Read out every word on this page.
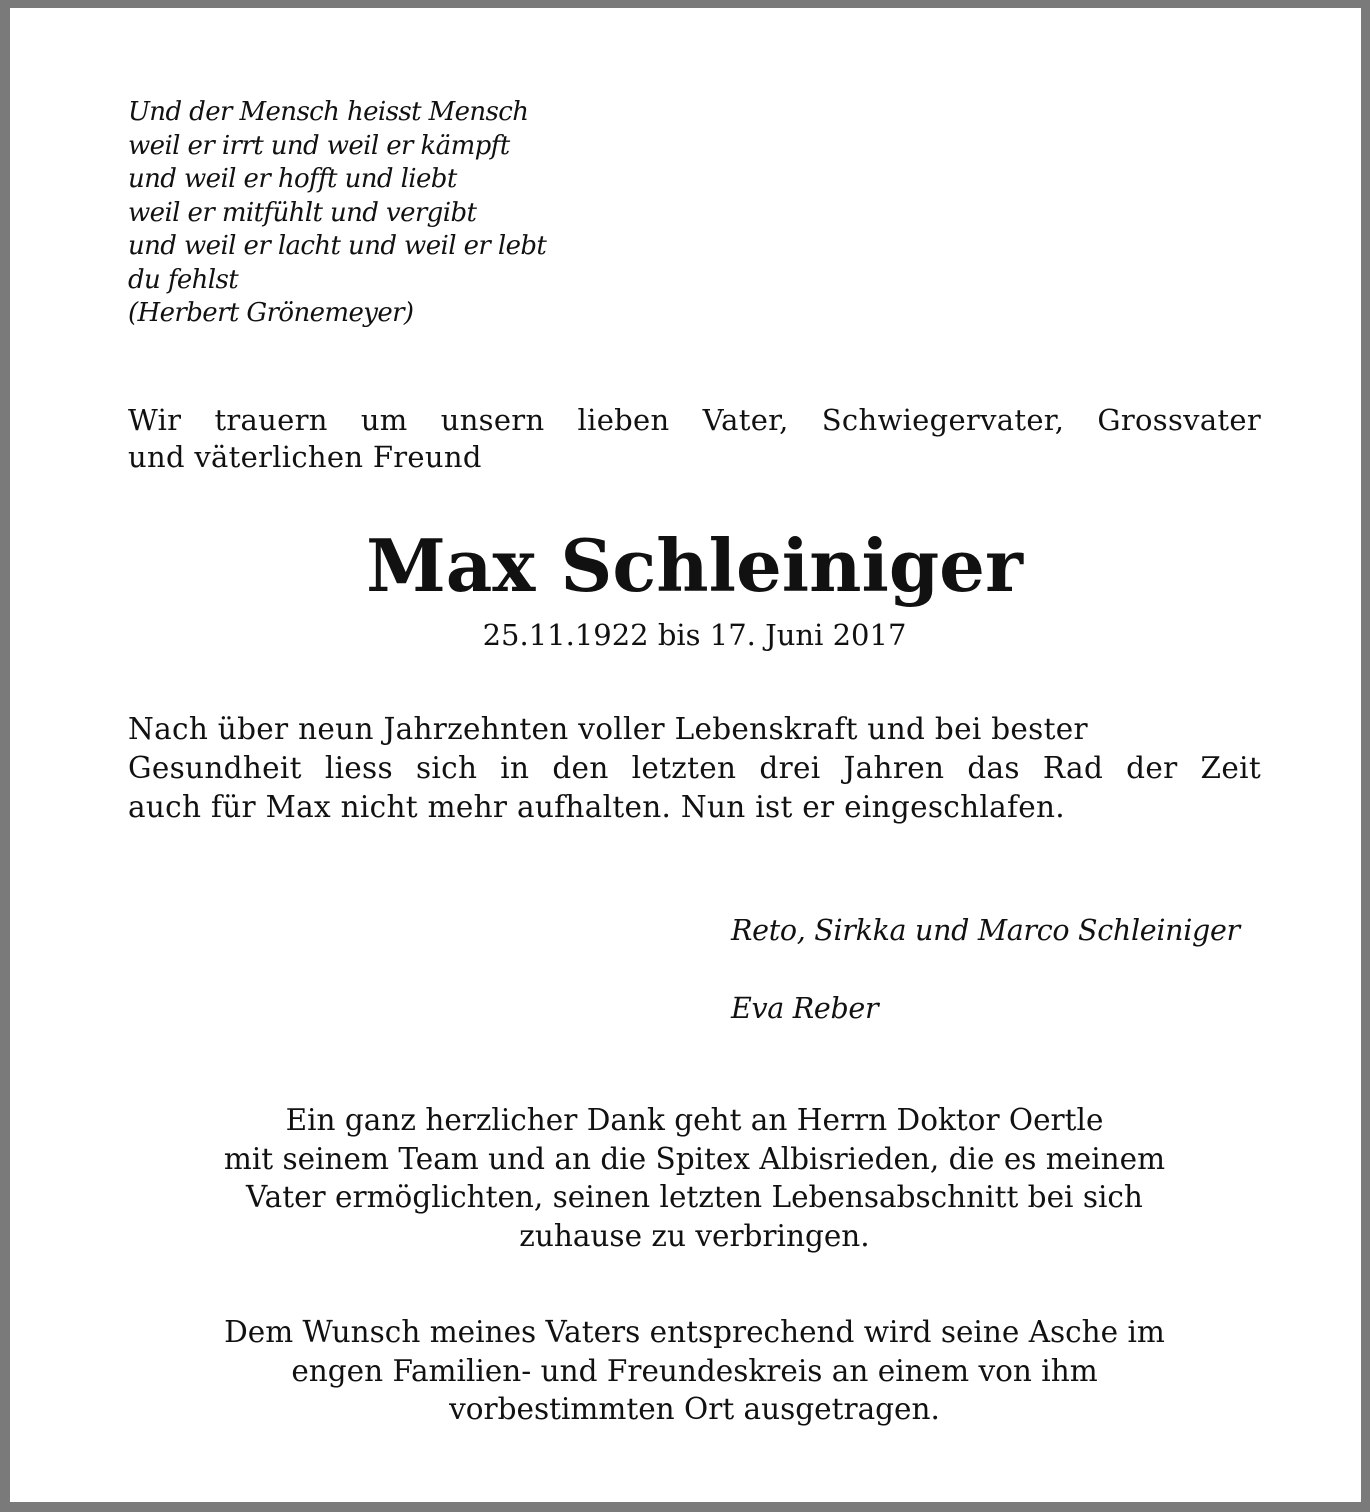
Und der Mensch heisst Mensch
weil er irrt und weil er kämpft
und weil er hofft und liebt
weil er mitfühlt und vergibt
und weil er lacht und weil er lebt
du fehlst
(Herbert Grönemeyer)
Wir trauern um unsern lieben Vater, Schwiegervater, Grossvater
und väterlichen Freund
Max Schleiniger
25.11.1922 bis 17. Juni 2017
Nach über neun Jahrzehnten voller Lebenskraft und bei bester
Gesundheit liess sich in den letzten drei Jahren das Rad der Zeit
auch für Max nicht mehr aufhalten. Nun ist er eingeschlafen.
Reto, Sirkka und Marco Schleiniger
Eva Reber
Ein ganz herzlicher Dank geht an Herrn Doktor Oertle
mit seinem Team und an die Spitex Albisrieden, die es meinem
Vater ermöglichten, seinen letzten Lebensabschnitt bei sich
zuhause zu verbringen.
Dem Wunsch meines Vaters entsprechend wird seine Asche im
engen Familien- und Freundeskreis an einem von ihm
vorbestimmten Ort ausgetragen.
